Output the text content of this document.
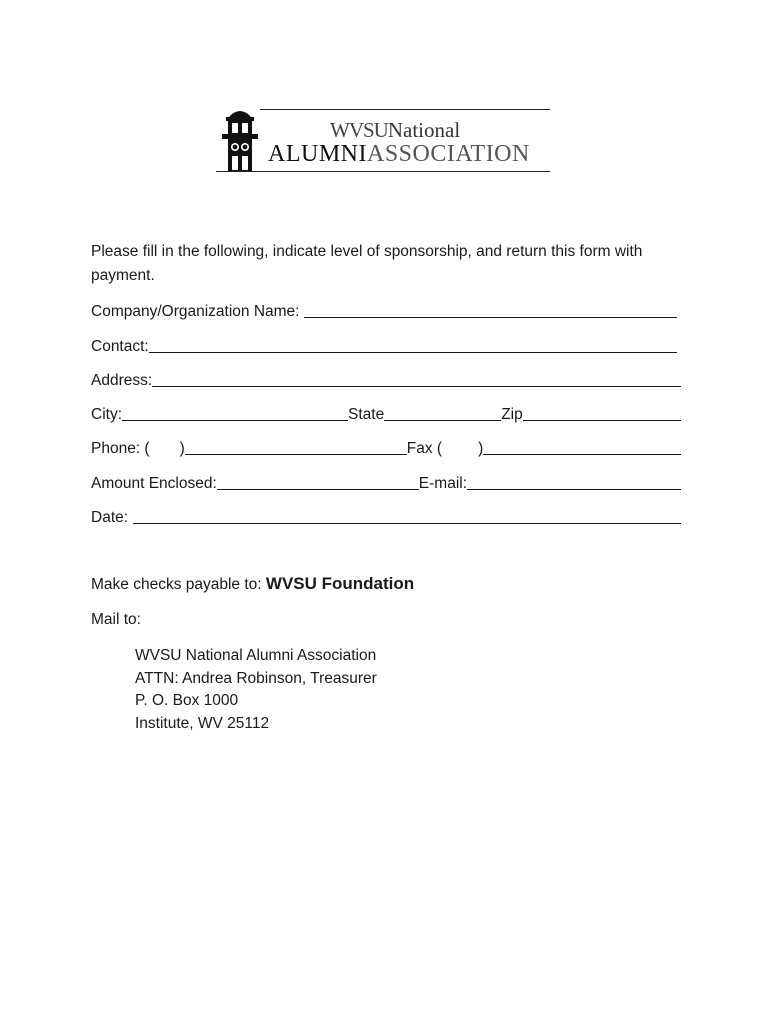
WVSUNational
ALUMNIASSOCIATION
Please fill in the following, indicate level of sponsorship, and return this form with payment.
Company/Organization Name:
Contact:
Address:
City:	State	Zip
Phone: ( )	Fax ( )
Amount Enclosed:	E-mail:
Date:
Make checks payable to: WVSU Foundation
Mail to:
WVSU National Alumni Association
ATTN: Andrea Robinson, Treasurer
P. O. Box 1000
Institute, WV 25112
